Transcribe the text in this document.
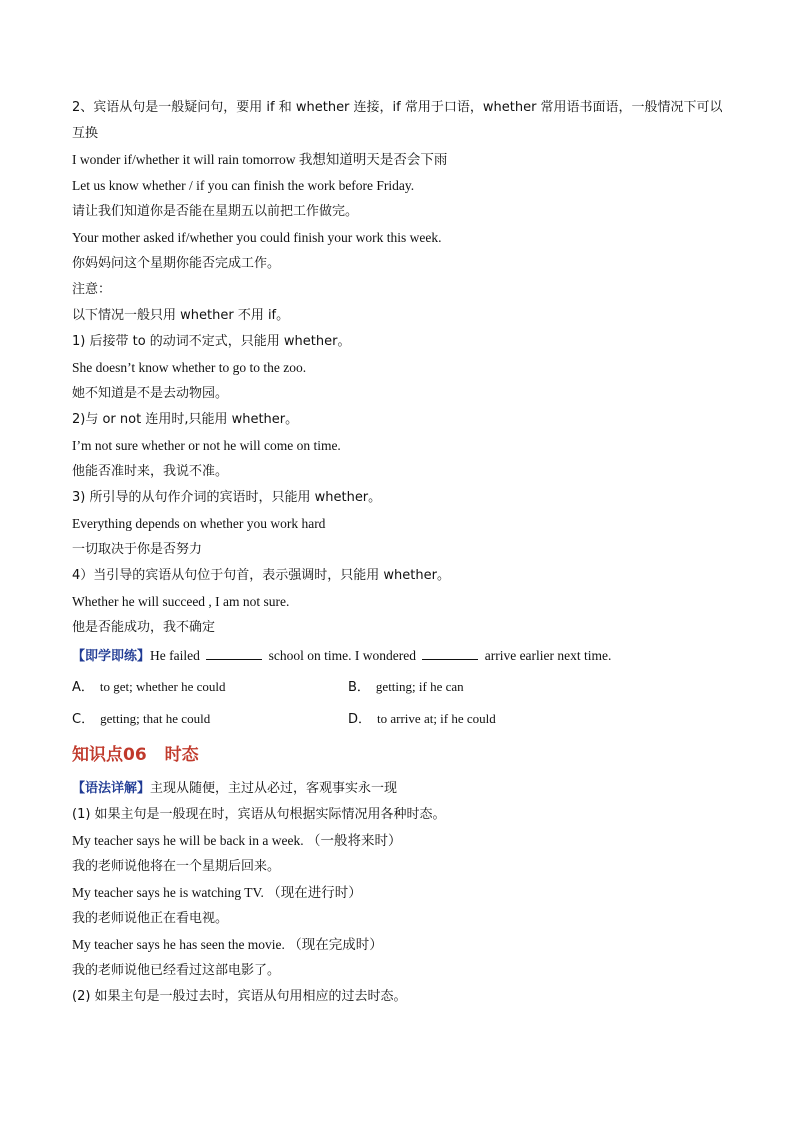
2、宾语从句是一般疑问句，要用 if 和 whether 连接，if 常用于口语，whether 常用语书面语，一般情况下可以互换
I wonder if/whether it will rain tomorrow 我想知道明天是否会下雨
Let us know whether / if you can finish the work before Friday.
请让我们知道你是否能在星期五以前把工作做完。
Your mother asked if/whether you could finish your work this week.
你妈妈问这个星期你能否完成工作。
注意：
以下情况一般只用 whether 不用 if。
1) 后接带 to 的动词不定式，只能用 whether。
She doesn’t know whether to go to the zoo.
她不知道是不是去动物园。
2)与 or not 连用时,只能用 whether。
I’m not sure whether or not he will come on time.
他能否准时来，我说不准。
3) 所引导的从句作介词的宾语时，只能用 whether。
Everything depends on whether you work hard
一切取决于你是否努力
4）当引导的宾语从句位于句首，表示强调时，只能用 whether。
Whether he will succeed , I am not sure.
他是否能成功，我不确定
【即学即练】He failed	school on time. I wondered	arrive earlier next time.
A． to get; whether he could	B． getting; if he can
C． getting; that he could	D． to arrive at; if he could
知识点06 时态
【语法详解】主现从随便，主过从必过，客观事实永一现
(1) 如果主句是一般现在时，宾语从句根据实际情况用各种时态。
My teacher says he will be back in a week. （一般将来时）
我的老师说他将在一个星期后回来。
My teacher says he is watching TV. （现在进行时）
我的老师说他正在看电视。
My teacher says he has seen the movie. （现在完成时）
我的老师说他已经看过这部电影了。
(2) 如果主句是一般过去时，宾语从句用相应的过去时态。
